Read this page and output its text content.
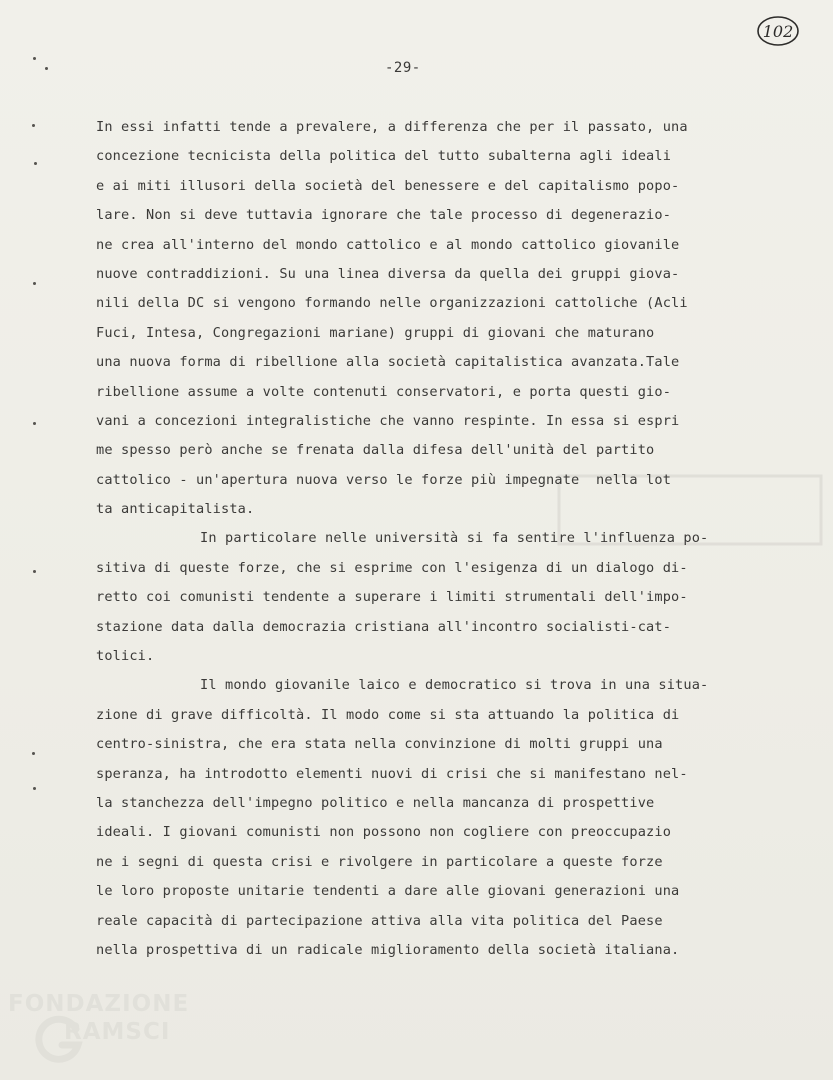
102
-29-
In essi infatti tende a prevalere, a differenza che per il passato, una
concezione tecnicista della politica del tutto subalterna agli ideali
e ai miti illusori della società del benessere e del capitalismo popo-
lare. Non si deve tuttavia ignorare che tale processo di degenerazio-
ne crea all'interno del mondo cattolico e al mondo cattolico giovanile
nuove contraddizioni. Su una linea diversa da quella dei gruppi giova-
nili della DC si vengono formando nelle organizzazioni cattoliche (Acli
Fuci, Intesa, Congregazioni mariane) gruppi di giovani che maturano
una nuova forma di ribellione alla società capitalistica avanzata.Tale
ribellione assume a volte contenuti conservatori, e porta questi gio-
vani a concezioni integralistiche che vanno respinte. In essa si espri
me spesso però anche se frenata dalla difesa dell'unità del partito
cattolico - un'apertura nuova verso le forze più impegnate  nella lot
ta anticapitalista.
In particolare nelle università si fa sentire l'influenza po-
sitiva di queste forze, che si esprime con l'esigenza di un dialogo di-
retto coi comunisti tendente a superare i limiti strumentali dell'impo-
stazione data dalla democrazia cristiana all'incontro socialisti-cat-
tolici.
Il mondo giovanile laico e democratico si trova in una situa-
zione di grave difficoltà. Il modo come si sta attuando la politica di
centro-sinistra, che era stata nella convinzione di molti gruppi una
speranza, ha introdotto elementi nuovi di crisi che si manifestano nel-
la stanchezza dell'impegno politico e nella mancanza di prospettive
ideali. I giovani comunisti non possono non cogliere con preoccupazio
ne i segni di questa crisi e rivolgere in particolare a queste forze
le loro proposte unitarie tendenti a dare alle giovani generazioni una
reale capacità di partecipazione attiva alla vita politica del Paese
nella prospettiva di un radicale miglioramento della società italiana.
FONDAZIONE
RAMSCI
